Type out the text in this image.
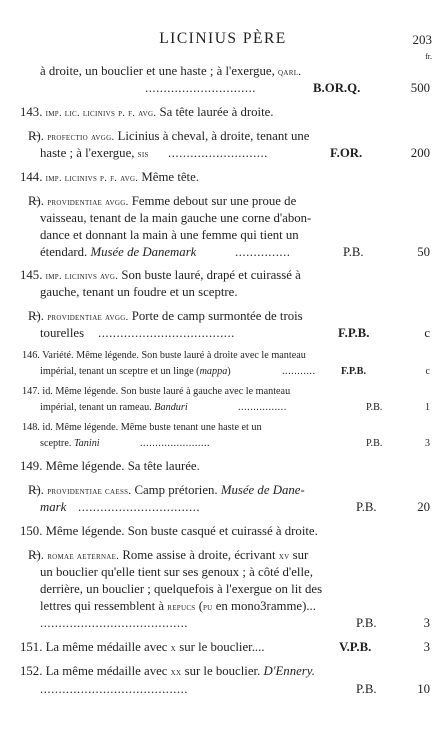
LICINIUS PÈRE	203
fr.
à droite, un bouclier et une haste ; à l'exergue, qarl.
..............................	B.OR.Q.	500
143. imp. lic. licinivs p. f. avg. Sa tête laurée à droite.
R̶). profectio avgg. Licinius à cheval, à droite, tenant une
haste ; à l'exergue, sis ...........................	F.OR.	200
144. imp. licinivs p. f. avg. Même tête.
R̶). providentiae avgg. Femme debout sur une proue de
vaisseau, tenant de la main gauche une corne d'abon-
dance et donnant la main à une femme qui tient un
étendard. Musée de Danemark	...............	P.B.	50
145. imp. licinivs avg. Son buste lauré, drapé et cuirassé à
gauche, tenant un foudre et un sceptre.
R̶). providentiae avgg. Porte de camp surmontée de trois
tourelles .....................................	F.P.B.	c
146. Variété. Même légende. Son buste lauré à droite avec le manteau
impérial, tenant un sceptre et un linge (mappa)	........... F.P.B.	c
147. id. Même légende. Son buste lauré à gauche avec le manteau
impérial, tenant un rameau. Banduri	................	P.B.	1
148. id. Même légende. Même buste tenant une haste et un
sceptre. Tanini	.......................	P.B.	3
149. Même légende. Sa tête laurée.
R̶). providentiae caess. Camp prétorien. Musée de Dane-
mark .................................	P.B.	20
150. Même légende. Son buste casqué et cuirassé à droite.
R̶). romae aeternae. Rome assise à droite, écrivant xv sur
un bouclier qu'elle tient sur ses genoux ; à côté d'elle,
derrière, un bouclier ; quelquefois à l'exergue on lit des
lettres qui ressemblent à repucs (pu en mono3ramme)...
........................................	P.B.	3
151. La même médaille avec x sur le bouclier....	V.P.B.	3
152. La même médaille avec xx sur le bouclier. D'Ennery.
........................................	P.B.	10
